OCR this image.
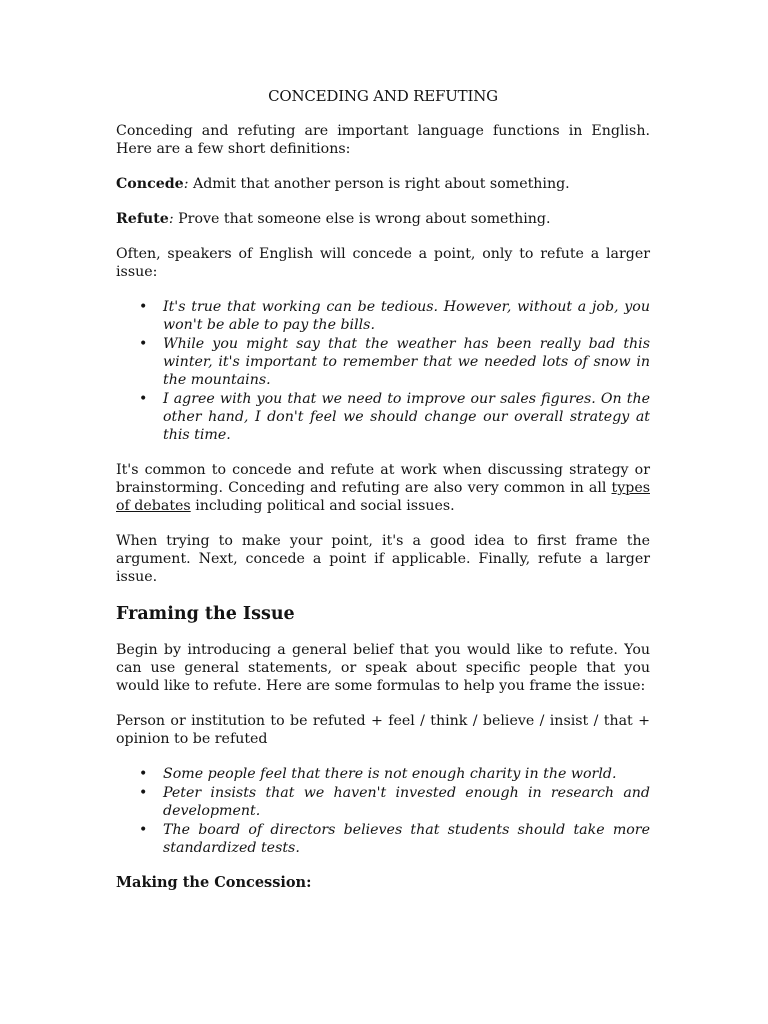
CONCEDING AND REFUTING

Conceding and refuting are important language functions in English. Here are a few short definitions:

Concede: Admit that another person is right about something.

Refute: Prove that someone else is wrong about something.

Often, speakers of English will concede a point, only to refute a larger issue:

• It's true that working can be tedious. However, without a job, you won't be able to pay the bills.
• While you might say that the weather has been really bad this winter, it's important to remember that we needed lots of snow in the mountains.
• I agree with you that we need to improve our sales figures. On the other hand, I don't feel we should change our overall strategy at this time.

It's common to concede and refute at work when discussing strategy or brainstorming. Conceding and refuting are also very common in all types of debates including political and social issues.

When trying to make your point, it's a good idea to first frame the argument. Next, concede a point if applicable. Finally, refute a larger issue.

Framing the Issue

Begin by introducing a general belief that you would like to refute. You can use general statements, or speak about specific people that you would like to refute. Here are some formulas to help you frame the issue:

Person or institution to be refuted + feel / think / believe / insist / that + opinion to be refuted

• Some people feel that there is not enough charity in the world.
• Peter insists that we haven't invested enough in research and development.
• The board of directors believes that students should take more standardized tests.
Making the Concession:
